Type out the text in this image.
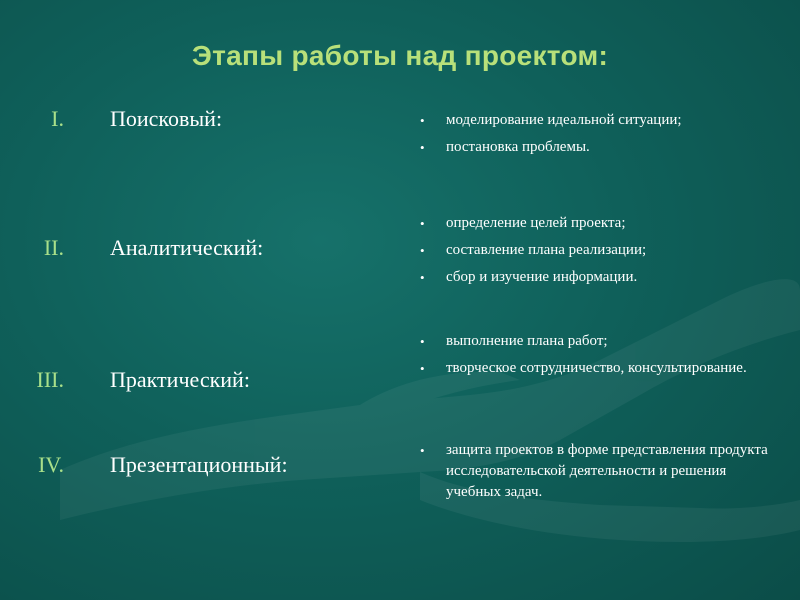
Этапы работы над проектом:
I. Поисковый:	• моделирование идеальной ситуации;
• постановка проблемы.
II. Аналитический:
• определение целей проекта;
• составление плана реализации;
• сбор и изучение информации.
III. Практический:
• выполнение плана работ;
• творческое сотрудничество, консультирование.
IV. Презентационный:
• защита проектов в форме представления продукта исследовательской деятельности и решения учебных задач.
